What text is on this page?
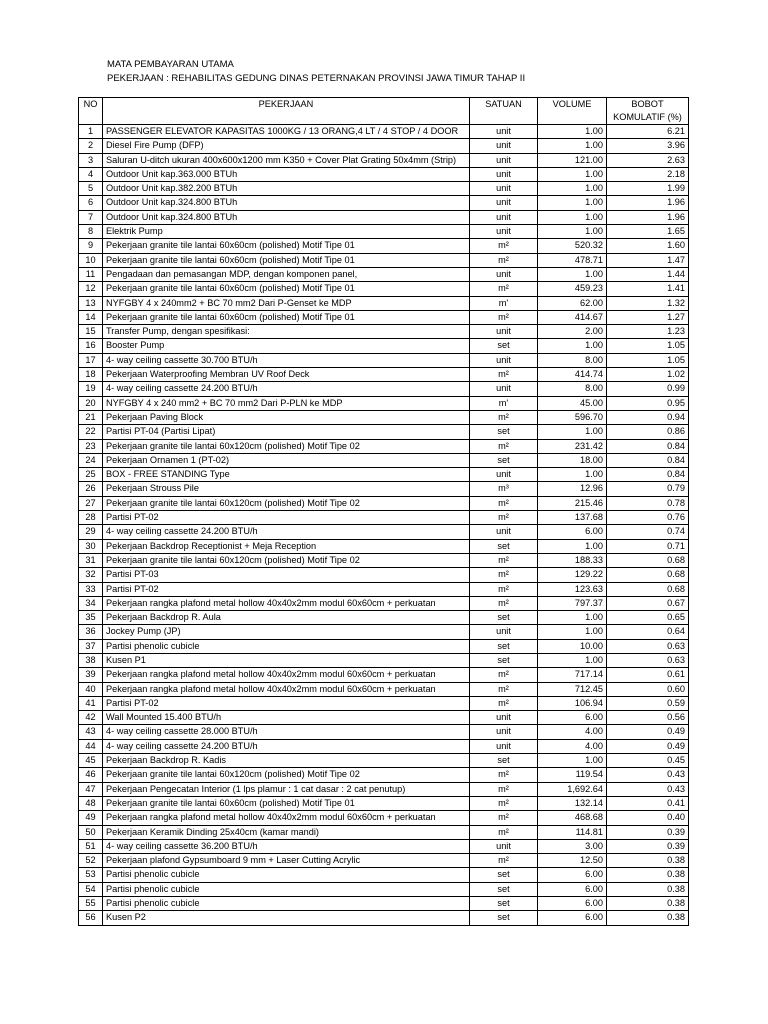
MATA PEMBAYARAN UTAMA
PEKERJAAN : REHABILITAS GEDUNG DINAS PETERNAKAN PROVINSI JAWA TIMUR TAHAP II
NO	PEKERJAAN	SATUAN	VOLUME	BOBOT
KOMULATIF (%)
1	PASSENGER ELEVATOR KAPASITAS 1000KG / 13 ORANG,4 LT / 4 STOP / 4 DOOR	unit	1.00	6.21
2	Diesel Fire Pump (DFP)	unit	1.00	3.96
3	Saluran U-ditch ukuran 400x600x1200 mm K350 + Cover Plat Grating 50x4mm (Strip)	unit	121.00	2.63
4	Outdoor Unit kap.363.000 BTUh	unit	1.00	2.18
5	Outdoor Unit kap.382.200 BTUh	unit	1.00	1.99
6	Outdoor Unit kap.324.800 BTUh	unit	1.00	1.96
7	Outdoor Unit kap.324.800 BTUh	unit	1.00	1.96
8	Elektrik Pump	unit	1.00	1.65
9	Pekerjaan granite tile lantai 60x60cm (polished) Motif Tipe 01	m²	520.32	1.60
10	Pekerjaan granite tile lantai 60x60cm (polished) Motif Tipe 01	m²	478.71	1.47
11	Pengadaan dan pemasangan MDP, dengan komponen panel,	unit	1.00	1.44
12	Pekerjaan granite tile lantai 60x60cm (polished) Motif Tipe 01	m²	459.23	1.41
13	NYFGBY 4 x 240mm2 + BC 70 mm2 Dari P-Genset ke MDP	m'	62.00	1.32
14	Pekerjaan granite tile lantai 60x60cm (polished) Motif Tipe 01	m²	414.67	1.27
15	Transfer Pump, dengan spesifikasi:	unit	2.00	1.23
16	Booster Pump	set	1.00	1.05
17	4- way ceiling cassette 30.700 BTU/h	unit	8.00	1.05
18	Pekerjaan Waterproofing Membran UV Roof Deck	m²	414.74	1.02
19	4- way ceiling cassette 24.200 BTU/h	unit	8.00	0.99
20	NYFGBY 4 x 240 mm2 + BC 70 mm2 Dari P-PLN ke MDP	m'	45.00	0.95
21	Pekerjaan Paving Block	m²	596.70	0.94
22	Partisi PT-04 (Partisi Lipat)	set	1.00	0.86
23	Pekerjaan granite tile lantai 60x120cm (polished) Motif Tipe 02	m²	231.42	0.84
24	Pekerjaan Ornamen 1 (PT-02)	set	18.00	0.84
25	BOX - FREE STANDING Type	unit	1.00	0.84
26	Pekerjaan Strouss Pile	m³	12.96	0.79
27	Pekerjaan granite tile lantai 60x120cm (polished) Motif Tipe 02	m²	215.46	0.78
28	Partisi PT-02	m²	137.68	0.76
29	4- way ceiling cassette 24.200 BTU/h	unit	6.00	0.74
30	Pekerjaan Backdrop Receptionist + Meja Reception	set	1.00	0.71
31	Pekerjaan granite tile lantai 60x120cm (polished) Motif Tipe 02	m²	188.33	0.68
32	Partisi PT-03	m²	129.22	0.68
33	Partisi PT-02	m²	123.63	0.68
34	Pekerjaan rangka plafond metal hollow 40x40x2mm modul 60x60cm + perkuatan	m²	797.37	0.67
35	Pekerjaan Backdrop R. Aula	set	1.00	0.65
36	Jockey Pump (JP)	unit	1.00	0.64
37	Partisi phenolic cubicle	set	10.00	0.63
38	Kusen P1	set	1.00	0.63
39	Pekerjaan rangka plafond metal hollow 40x40x2mm modul 60x60cm + perkuatan	m²	717.14	0.61
40	Pekerjaan rangka plafond metal hollow 40x40x2mm modul 60x60cm + perkuatan	m²	712.45	0.60
41	Partisi PT-02	m²	106.94	0.59
42	Wall Mounted 15.400 BTU/h	unit	6.00	0.56
43	4- way ceiling cassette 28.000 BTU/h	unit	4.00	0.49
44	4- way ceiling cassette 24.200 BTU/h	unit	4.00	0.49
45	Pekerjaan Backdrop R. Kadis	set	1.00	0.45
46	Pekerjaan granite tile lantai 60x120cm (polished) Motif Tipe 02	m²	119.54	0.43
47	Pekerjaan Pengecatan Interior (1 lps plamur : 1 cat dasar : 2 cat penutup)	m²	1,692.64	0.43
48	Pekerjaan granite tile lantai 60x60cm (polished) Motif Tipe 01	m²	132.14	0.41
49	Pekerjaan rangka plafond metal hollow 40x40x2mm modul 60x60cm + perkuatan	m²	468.68	0.40
50	Pekerjaan Keramik Dinding 25x40cm (kamar mandi)	m²	114.81	0.39
51	4- way ceiling cassette 36.200 BTU/h	unit	3.00	0.39
52	Pekerjaan plafond Gypsumboard 9 mm + Laser Cutting Acrylic	m²	12.50	0.38
53	Partisi phenolic cubicle	set	6.00	0.38
54	Partisi phenolic cubicle	set	6.00	0.38
55	Partisi phenolic cubicle	set	6.00	0.38
56	Kusen P2	set	6.00	0.38
